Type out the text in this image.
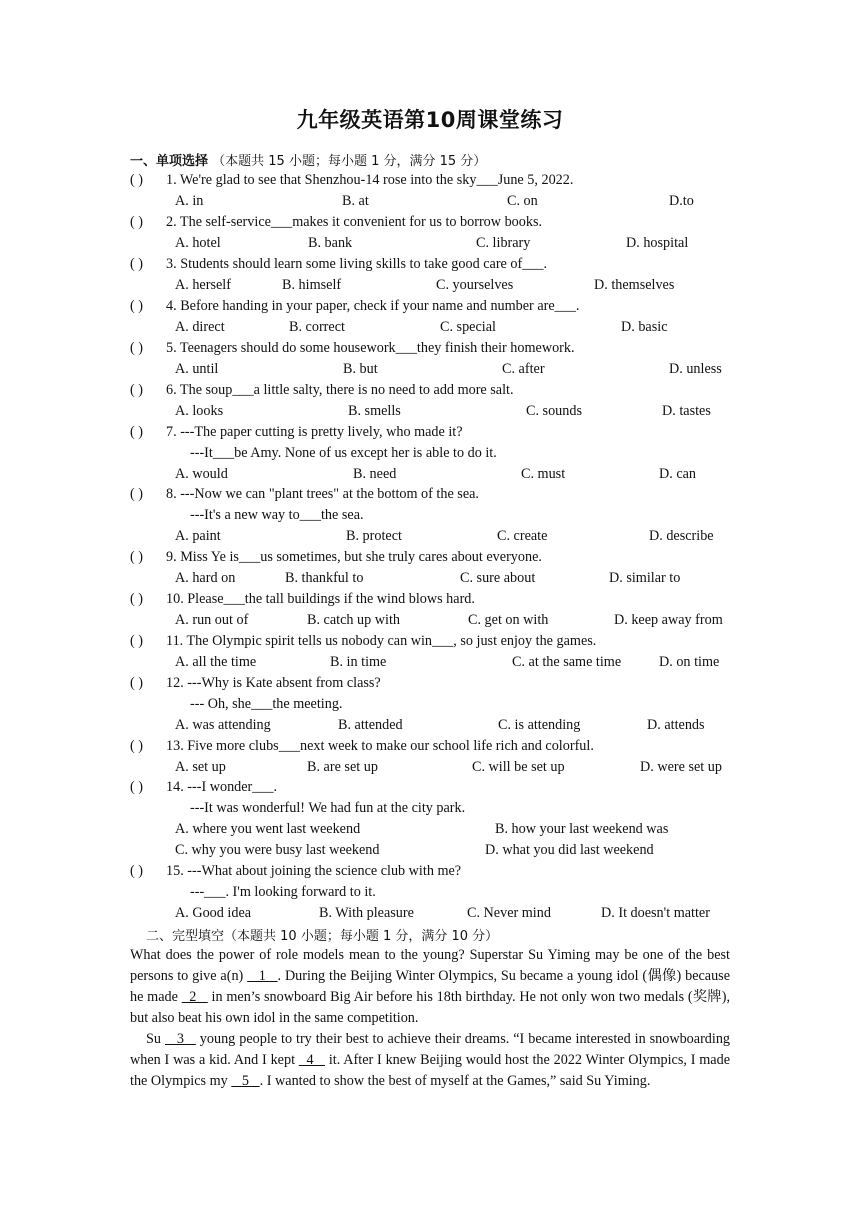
九年级英语第10周课堂练习
一、单项选择 （本题共 15 小题；每小题 1 分，满分 15 分）
( ) 1. We're glad to see that Shenzhou-14 rose into the sky___June 5, 2022.
A. in	B. at	C. on	D.to
( ) 2. The self-service___makes it convenient for us to borrow books.
A. hotel	B. bank	C. library	D. hospital
( ) 3. Students should learn some living skills to take good care of___.
A. herself	B. himself	C. yourselves	D. themselves
( ) 4. Before handing in your paper, check if your name and number are___.
A. direct	B. correct	C. special	D. basic
( ) 5. Teenagers should do some housework___they finish their homework.
A. until	B. but	C. after	D. unless
( ) 6. The soup___a little salty, there is no need to add more salt.
A. looks	B. smells	C. sounds	D. tastes
( ) 7. ---The paper cutting is pretty lively, who made it?
---It___be Amy. None of us except her is able to do it.
A. would	B. need	C. must	D. can
( ) 8. ---Now we can "plant trees" at the bottom of the sea.
---It's a new way to___the sea.
A. paint	B. protect	C. create	D. describe
( ) 9. Miss Ye is___us sometimes, but she truly cares about everyone.
A. hard on	B. thankful to	C. sure about	D. similar to
( ) 10. Please___the tall buildings if the wind blows hard.
A. run out of	B. catch up with	C. get on with	D. keep away from
( ) 11. The Olympic spirit tells us nobody can win___, so just enjoy the games.
A. all the time	B. in time	C. at the same time	D. on time
( ) 12. ---Why is Kate absent from class?
--- Oh, she___the meeting.
A. was attending	B. attended	C. is attending	D. attends
( ) 13. Five more clubs___next week to make our school life rich and colorful.
A. set up	B. are set up	C. will be set up	D. were set up
( ) 14. ---I wonder___.
---It was wonderful! We had fun at the city park.
A. where you went last weekend	B. how your last weekend was
C. why you were busy last weekend	D. what you did last weekend
( ) 15. ---What about joining the science club with me?
---___. I'm looking forward to it.
A. Good idea	B. With pleasure	C. Never mind	D. It doesn't matter
二、完型填空（本题共 10 小题；每小题 1 分，满分 10 分）
What does the power of role models mean to the young? Superstar Su Yiming may be one of the best persons to give a(n)    1   . During the Beijing Winter Olympics, Su became a young idol (偶像) because he made   2    in men’s snowboard Big Air before his 18th birthday. He not only won two medals (奖牌), but also beat his own idol in the same competition.
Su    3    young people to try their best to achieve their dreams. “I became interested in snowboarding when I was a kid. And I kept   4    it. After I knew Beijing would host the 2022 Winter Olympics, I made the Olympics my    5   . I wanted to show the best of myself at the Games,” said Su Yiming.
